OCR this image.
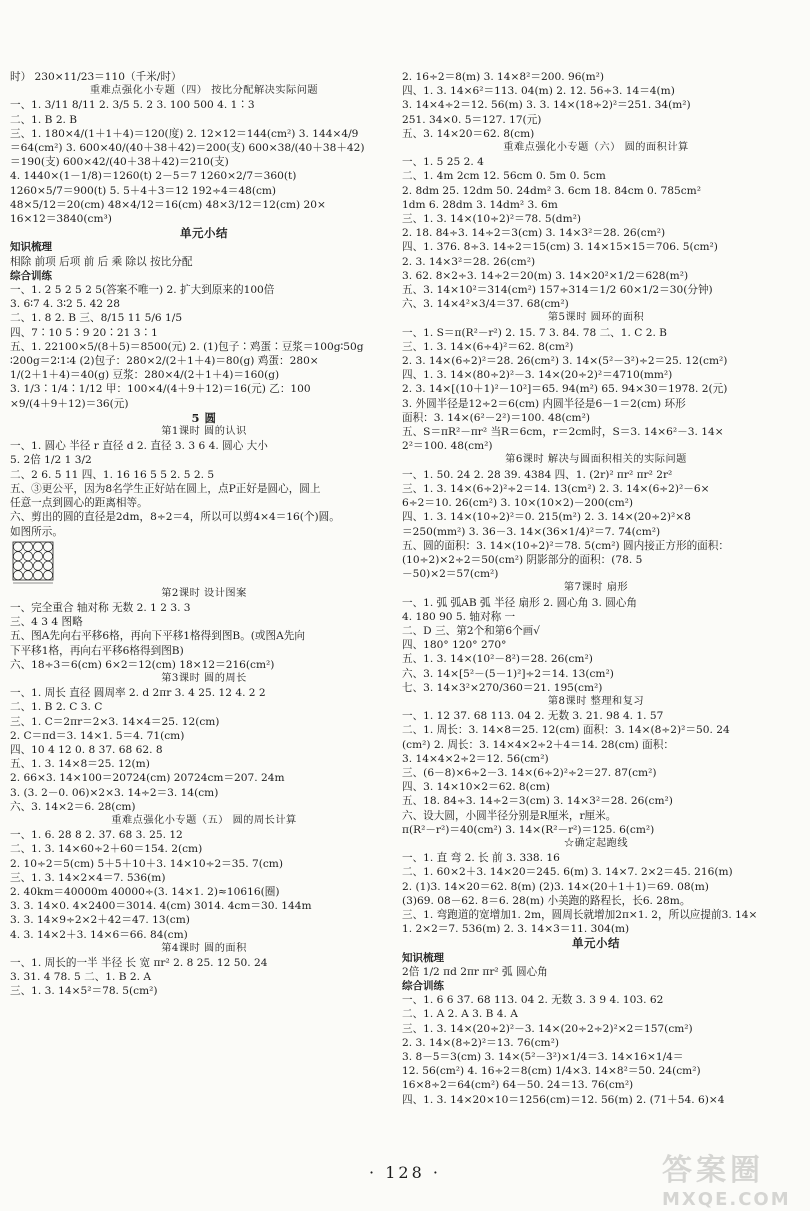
时） 230×11/23＝110（千米/时）
重难点强化小专题（四） 按比分配解决实际问题
一、1. 3/11 8/11 2. 3/5 5. 2 3. 100 500 4. 1∶3
二、1. B 2. B
三、1. 180×4/(1＋1＋4)＝120(度) 2. 12×12＝144(cm²) 3. 144×4/9
＝64(cm²) 3. 600×40/(40＋38＋42)＝200(支) 600×38/(40＋38＋42)
＝190(支) 600×42/(40＋38＋42)＝210(支)
4. 1440×(1－1/8)＝1260(t) 2－5＝7 1260×2/7＝360(t)
1260×5/7＝900(t) 5. 5＋4＋3＝12 192÷4＝48(cm)
48×5/12＝20(cm) 48×4/12＝16(cm) 48×3/12＝12(cm) 20×
16×12＝3840(cm³)
单元小结
知识梳理
相除 前项 后项 前 后 乘 除以 按比分配
综合训练
一、1. 2 5 2 5 2 5(答案不唯一) 2. 扩大到原来的100倍
3. 6∶7 4. 3∶2 5. 42 28
二、1. 8 2. B 三、8/15 11 5/6 1/5
四、7∶10 5∶9 20∶21 3∶1
五、1. 22100×5/(8＋5)＝8500(元) 2. (1)包子∶鸡蛋∶豆浆＝100g∶50g
∶200g＝2∶1∶4 (2)包子：280×2/(2＋1＋4)＝80(g) 鸡蛋：280×
1/(2＋1＋4)＝40(g) 豆浆：280×4/(2＋1＋4)＝160(g)
3. 1/3∶1/4∶1/12 甲：100×4/(4＋9＋12)＝16(元) 乙：100
×9/(4＋9＋12)＝36(元)
5 圆
第1课时 圆的认识
一、1. 圆心 半径 r 直径 d 2. 直径 3. 3 6 4. 圆心 大小
5. 2倍 1/2 1 3/2
二、2 6. 5 11 四、1. 16 16 5 5 2. 5 2. 5
五、③更公平，因为8名学生正好站在圆上，点P正好是圆心，圆上
任意一点到圆心的距离相等。
六、剪出的圆的直径是2dm，8÷2＝4，所以可以剪4×4＝16(个)圆。
如图所示。
第2课时 设计图案
一、完全重合 轴对称 无数 2. 1 2 3. 3
三、4 3 4 图略
五、图A先向右平移6格，再向下平移1格得到图B。(或图A先向
下平移1格，再向右平移6格得到图B)
六、18÷3＝6(cm) 6×2＝12(cm) 18×12＝216(cm²)
第3课时 圆的周长
一、1. 周长 直径 圆周率 2. d 2πr 3. 4 25. 12 4. 2 2
二、1. B 2. C 3. C
三、1. C＝2πr＝2×3. 14×4＝25. 12(cm)
2. C＝πd＝3. 14×1. 5＝4. 71(cm)
四、10 4 12 0. 8 37. 68 62. 8
五、1. 3. 14×8＝25. 12(m)
2. 66×3. 14×100＝20724(cm) 20724cm＝207. 24m
3. (3. 2－0. 06)×2×3. 14÷2＝3. 14(cm)
六、3. 14×2＝6. 28(cm)
重难点强化小专题（五） 圆的周长计算
一、1. 6. 28 8 2. 37. 68 3. 25. 12
二、1. 3. 14×60÷2＋60＝154. 2(cm)
2. 10÷2＝5(cm) 5＋5＋10＋3. 14×10÷2＝35. 7(cm)
三、1. 3. 14×2×4＝7. 536(m)
2. 40km＝40000m 40000÷(3. 14×1. 2)≈10616(圈)
3. 3. 14×0. 4×2400＝3014. 4(cm) 3014. 4cm＝30. 144m
3. 3. 14×9÷2×2＋42＝47. 13(cm)
4. 3. 14×2＋3. 14×6＝66. 84(cm)
第4课时 圆的面积
一、1. 周长的一半 半径 长 宽 πr² 2. 8 25. 12 50. 24
3. 31. 4 78. 5 二、1. B 2. A
三、1. 3. 14×5²＝78. 5(cm²)
2. 16÷2＝8(m) 3. 14×8²＝200. 96(m²)
四、1. 3. 14×6²＝113. 04(m) 2. 12. 56÷3. 14＝4(m)
3. 14×4÷2＝12. 56(m) 3. 3. 14×(18÷2)²＝251. 34(m²)
251. 34×0. 5＝127. 17(元)
五、3. 14×20＝62. 8(cm)
重难点强化小专题（六） 圆的面积计算
一、1. 5 25 2. 4
二、1. 4m 2cm 12. 56cm 0. 5m 0. 5cm
2. 8dm 25. 12dm 50. 24dm² 3. 6cm 18. 84cm 0. 785cm²
1dm 6. 28dm 3. 14dm² 3. 6m
三、1. 3. 14×(10÷2)²＝78. 5(dm²)
2. 18. 84÷3. 14÷2＝3(cm) 3. 14×3²＝28. 26(cm²)
四、1. 376. 8÷3. 14÷2＝15(cm) 3. 14×15×15＝706. 5(cm²)
2. 3. 14×3²＝28. 26(cm²)
3. 62. 8×2÷3. 14÷2＝20(m) 3. 14×20²×1/2＝628(m²)
五、3. 14×10²＝314(cm²) 157÷314＝1/2 60×1/2＝30(分钟)
六、3. 14×4²×3/4＝37. 68(cm²)
第5课时 圆环的面积
一、1. S＝π(R²－r²) 2. 15. 7 3. 84. 78 二、1. C 2. B
三、1. 3. 14×(6÷4)²＝62. 8(cm²)
2. 3. 14×(6÷2)²＝28. 26(cm²) 3. 14×(5²－3²)÷2＝25. 12(cm²)
四、1. 3. 14×(80÷2)²－3. 14×(20÷2)²＝4710(mm²)
2. 3. 14×[(10＋1)²－10²]＝65. 94(m²) 65. 94×30＝1978. 2(元)
3. 外圆半径是12÷2＝6(cm) 内圆半径是6－1＝2(cm) 环形
面积：3. 14×(6²－2²)＝100. 48(cm²)
五、S＝πR²－πr² 当R＝6cm，r＝2cm时，S＝3. 14×6²－3. 14×
2²＝100. 48(cm²)
第6课时 解决与圆面积相关的实际问题
一、1. 50. 24 2. 28 39. 4384 四、1. (2r)² πr² πr² 2r²
三、1. 3. 14×(6÷2)²÷2＝14. 13(cm²) 2. 3. 14×(6÷2)²－6×
6÷2＝10. 26(cm²) 3. 10×(10×2)－200(cm²)
四、1. 3. 14×(10÷2)²＝0. 215(m²) 2. 3. 14×(20÷2)²×8
＝250(mm²) 3. 36－3. 14×(36×1/4)²＝7. 74(cm²)
五、圆的面积：3. 14×(10÷2)²＝78. 5(cm²) 圆内接正方形的面积：
(10÷2)×2÷2＝50(cm²) 阴影部分的面积：(78. 5
－50)×2＝57(cm²)
第7课时 扇形
一、1. 弧 弧AB 弧 半径 扇形 2. 圆心角 3. 圆心角
4. 180 90 5. 轴对称 一
二、D 三、第2个和第6个画√
四、180° 120° 270°
五、1. 3. 14×(10²－8²)＝28. 26(cm²)
六、3. 14×[5²－(5－1)²]÷2＝14. 13(cm²)
七、3. 14×3²×270/360＝21. 195(cm²)
第8课时 整理和复习
一、1. 12 37. 68 113. 04 2. 无数 3. 21. 98 4. 1. 57
二、1. 周长：3. 14×8＝25. 12(cm) 面积：3. 14×(8÷2)²＝50. 24
(cm²) 2. 周长：3. 14×4×2÷2＋4＝14. 28(cm) 面积：
3. 14×4×2÷2＝12. 56(cm²)
三、(6－8)×6÷2－3. 14×(6÷2)²÷2＝27. 87(cm²)
四、3. 14×10×2＝62. 8(cm)
五、18. 84÷3. 14÷2＝3(cm) 3. 14×3²＝28. 26(cm²)
六、设大圆，小圆半径分别是R厘米，r厘米。
π(R²－r²)＝40(cm²) 3. 14×(R²－r²)＝125. 6(cm²)
☆确定起跑线
一、1. 直 弯 2. 长 前 3. 338. 16
二、1. 60×2＋3. 14×20＝245. 6(m) 3. 14×7. 2×2＝45. 216(m)
2. (1)3. 14×20＝62. 8(m) (2)3. 14×(20＋1＋1)＝69. 08(m)
(3)69. 08－62. 8＝6. 28(m) 小美跑的路程长，长6. 28m。
三、1. 弯跑道的宽增加1. 2m，圆周长就增加2π×1. 2，所以应提前3. 14×
1. 2×2＝7. 536(m) 2. 3. 14×3＝11. 304(m)
单元小结
知识梳理
2倍 1/2 πd 2πr πr² 弧 圆心角
综合训练
一、1. 6 6 37. 68 113. 04 2. 无数 3. 3 9 4. 103. 62
二、1. A 2. A 3. B 4. A
三、1. 3. 14×(20÷2)²－3. 14×(20÷2÷2)²×2＝157(cm²)
2. 3. 14×(8÷2)²＝13. 76(cm²)
3. 8－5＝3(cm) 3. 14×(5²－3²)×1/4＝3. 14×16×1/4＝
12. 56(cm²) 4. 16÷2＝8(cm) 1/4×3. 14×8²＝50. 24(cm²)
16×8÷2＝64(cm²) 64－50. 24＝13. 76(cm²)
四、1. 3. 14×20×10＝1256(cm)＝12. 56(m) 2. (71＋54. 6)×4
· 128 ·	答案圈
MXQE.COM
